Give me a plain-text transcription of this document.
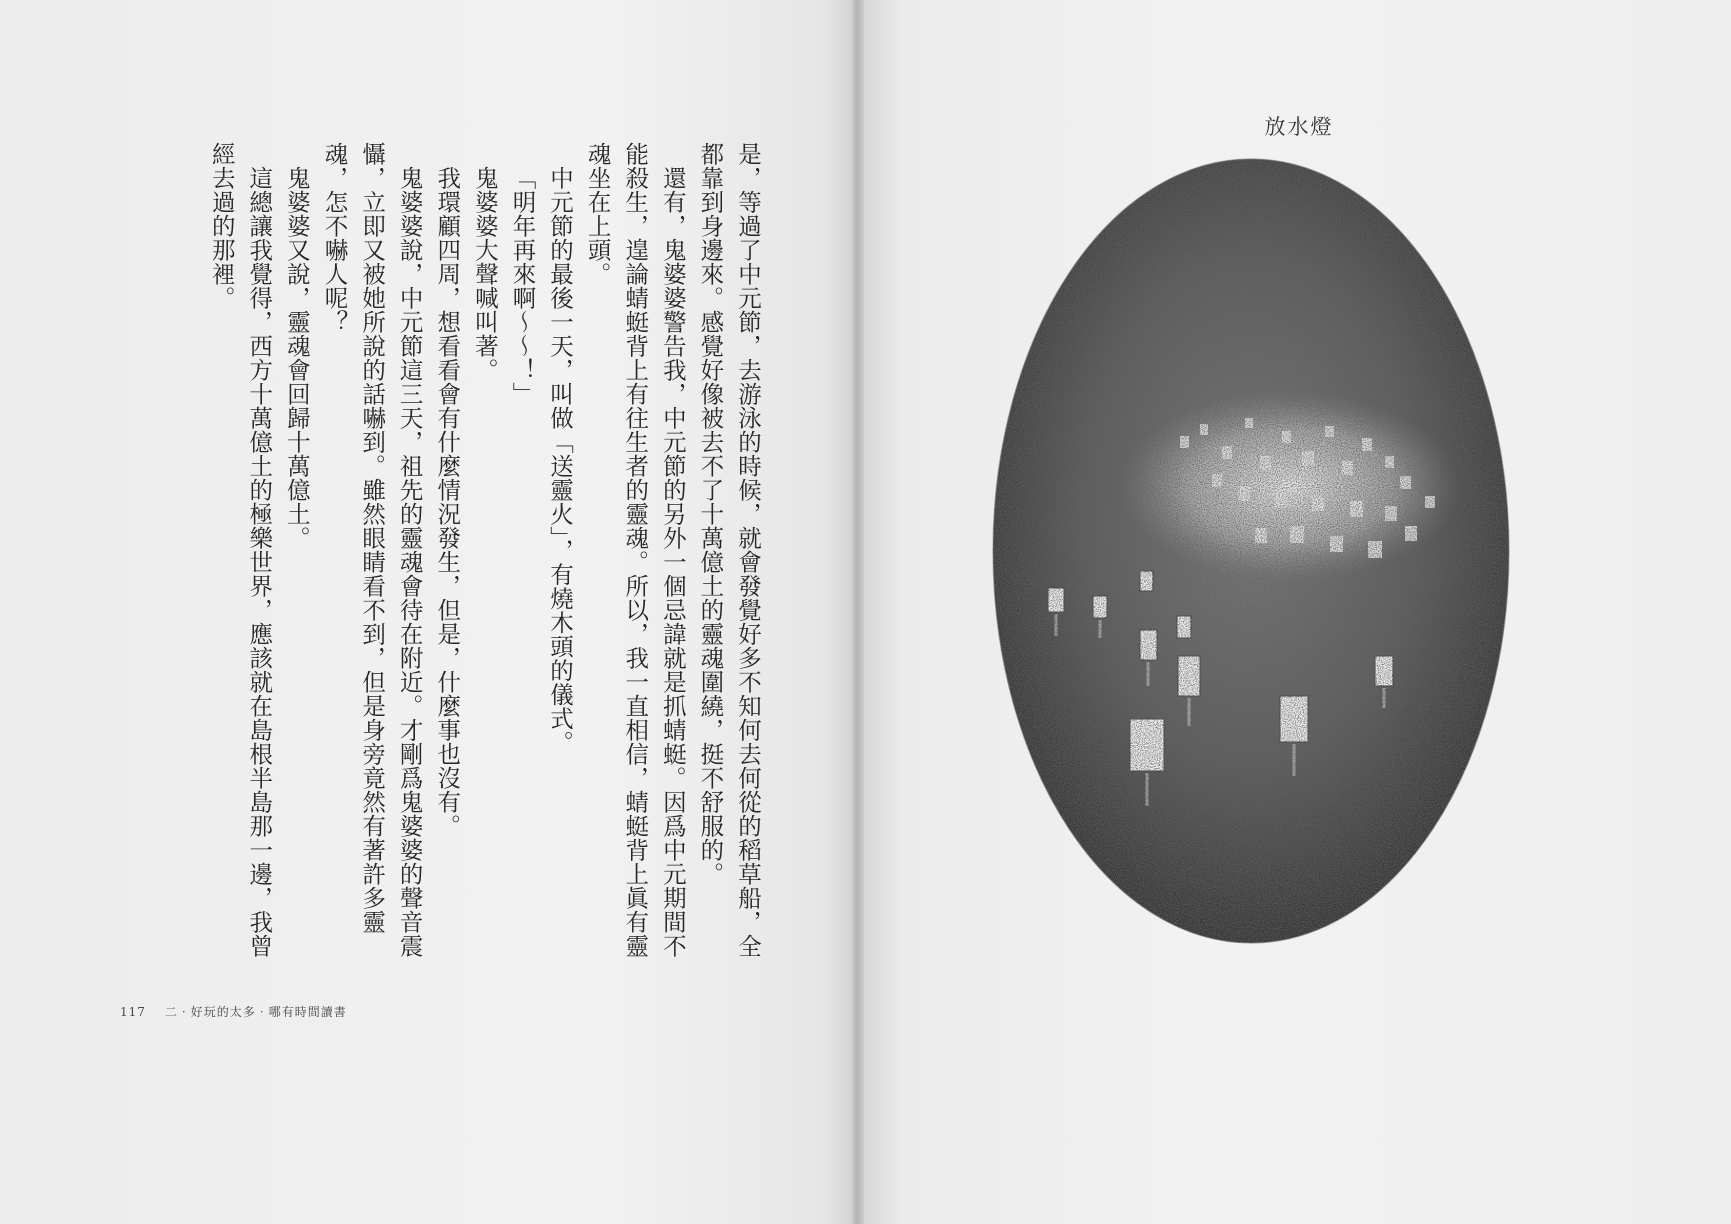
是，等過了中元節，去游泳的時候，就會發覺好多不知何去何從的稻草船，全都靠到身邊來。感覺好像被去不了十萬億土的靈魂圍繞，挺不舒服的。

還有，鬼婆婆警告我，中元節的另外一個忌諱就是抓蜻蜓。因爲中元期間不能殺生，遑論蜻蜓背上有往生者的靈魂。所以，我一直相信，蜻蜓背上眞有靈魂坐在上頭。

中元節的最後一天，叫做「送靈火」，有燒木頭的儀式。

「明年再來啊～～！」

鬼婆婆大聲喊叫著。

我環顧四周，想看看會有什麼情況發生，但是，什麼事也沒有。

鬼婆婆說，中元節這三天，祖先的靈魂會待在附近。才剛爲鬼婆婆的聲音震懾，立即又被她所說的話嚇到。雖然眼睛看不到，但是身旁竟然有著許多靈魂，怎不嚇人呢？

鬼婆婆又說，靈魂會回歸十萬億土。

這總讓我覺得，西方十萬億土的極樂世界，應該就在島根半島那一邊，我曾經去過的那裡。

117 二‧好玩的太多‧哪有時間讀書
放水燈
